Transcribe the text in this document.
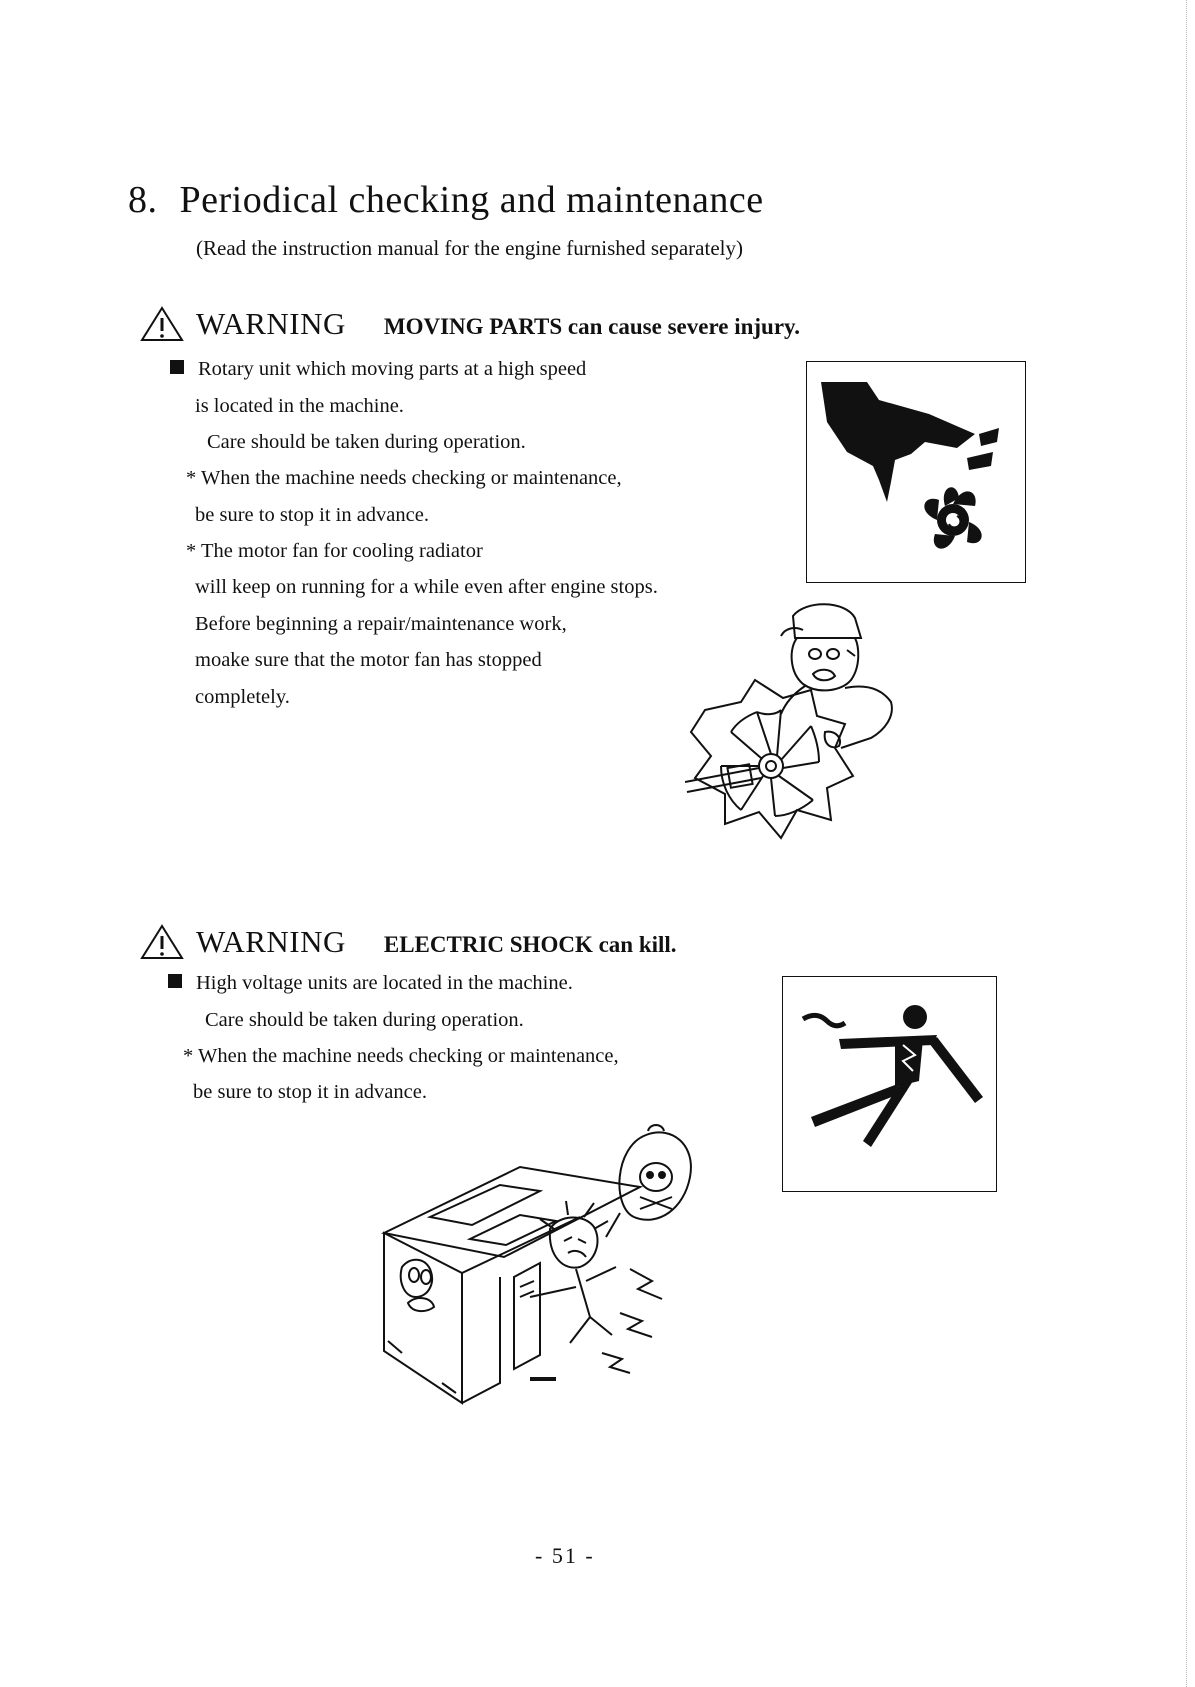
8. Periodical checking and maintenance
(Read the instruction manual for the engine furnished separately)
WARNING MOVING PARTS can cause severe injury.
Rotary unit which moving parts at a high speed
is located in the machine.
Care should be taken during operation.
* When the machine needs checking or maintenance,
be sure to stop it in advance.
* The motor fan for cooling radiator
will keep on running for a while even after engine stops.
Before beginning a repair/maintenance work,
moake sure that the motor fan has stopped
completely.
WARNING ELECTRIC SHOCK can kill.
High voltage units are located in the machine.
Care should be taken during operation.
* When the machine needs checking or maintenance,
be sure to stop it in advance.
- 51 -
